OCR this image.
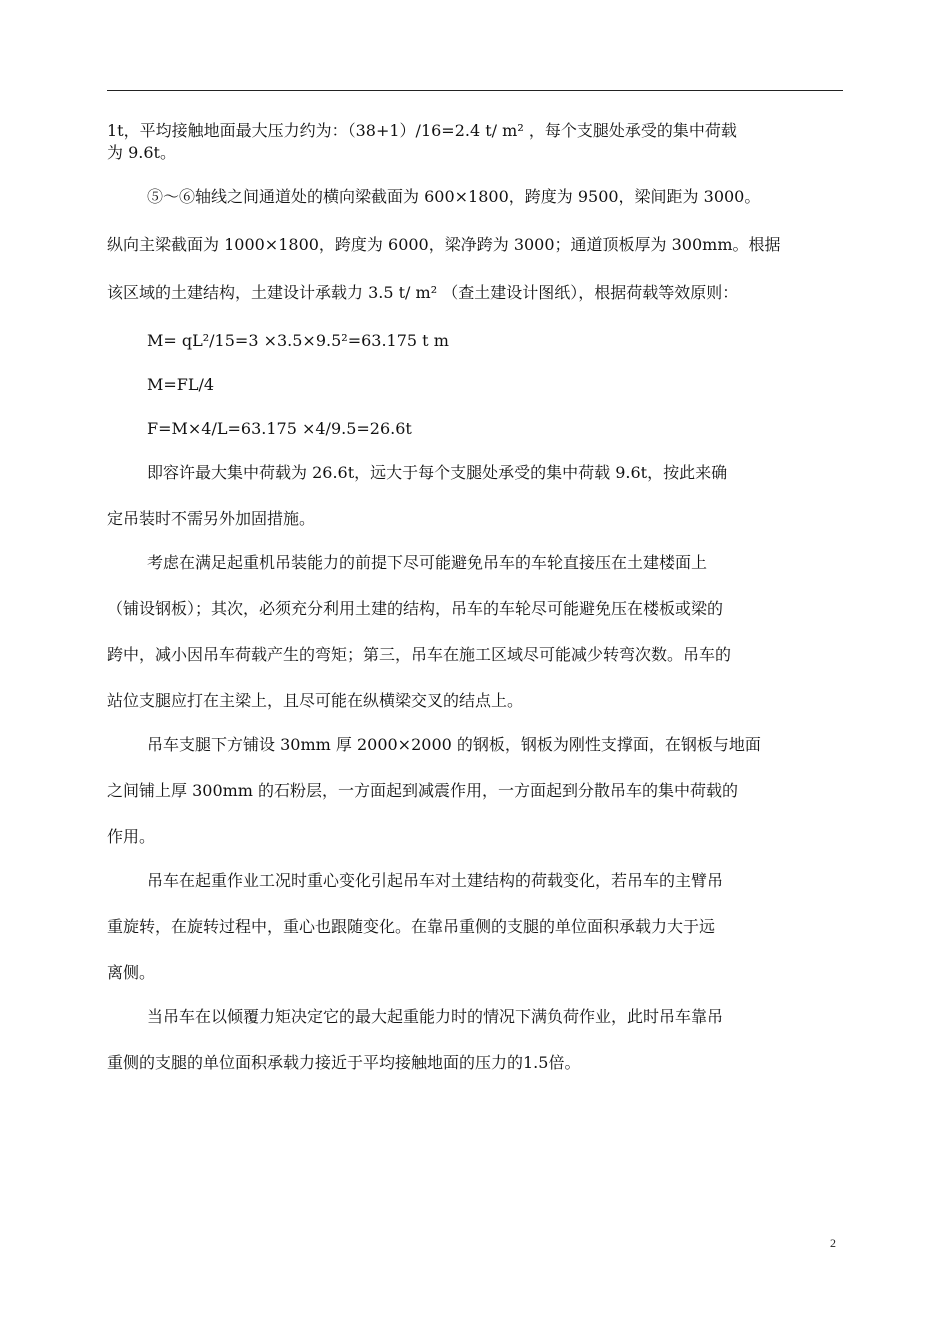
1t，平均接触地面最大压力约为：（38+1）/16=2.4 t/ m² ，每个支腿处承受的集中荷载
为 9.6t。

⑤～⑥轴线之间通道处的横向梁截面为 600×1800，跨度为 9500，梁间距为 3000。
纵向主梁截面为 1000×1800，跨度为 6000，梁净跨为 3000；通道顶板厚为 300mm。根据
该区域的土建结构，土建设计承载力 3.5 t/ m² （查土建设计图纸），根据荷载等效原则：

M= qL²/15=3 ×3.5×9.5²=63.175 t m

M=FL/4

F=M×4/L=63.175 ×4/9.5=26.6t

即容许最大集中荷载为 26.6t，远大于每个支腿处承受的集中荷载 9.6t，按此来确
定吊装时不需另外加固措施。

考虑在满足起重机吊装能力的前提下尽可能避免吊车的车轮直接压在土建楼面上
（铺设钢板）；其次，必须充分利用土建的结构，吊车的车轮尽可能避免压在楼板或梁的
跨中，减小因吊车荷载产生的弯矩；第三，吊车在施工区域尽可能减少转弯次数。吊车的
站位支腿应打在主梁上，且尽可能在纵横梁交叉的结点上。

吊车支腿下方铺设 30mm 厚 2000×2000 的钢板，钢板为刚性支撑面，在钢板与地面
之间铺上厚 300mm 的石粉层，一方面起到减震作用，一方面起到分散吊车的集中荷载的
作用。

吊车在起重作业工况时重心变化引起吊车对土建结构的荷载变化，若吊车的主臂吊
重旋转，在旋转过程中，重心也跟随变化。在靠吊重侧的支腿的单位面积承载力大于远
离侧。

当吊车在以倾覆力矩决定它的最大起重能力时的情况下满负荷作业，此时吊车靠吊
重侧的支腿的单位面积承载力接近于平均接触地面的压力的1.5倍。

2
